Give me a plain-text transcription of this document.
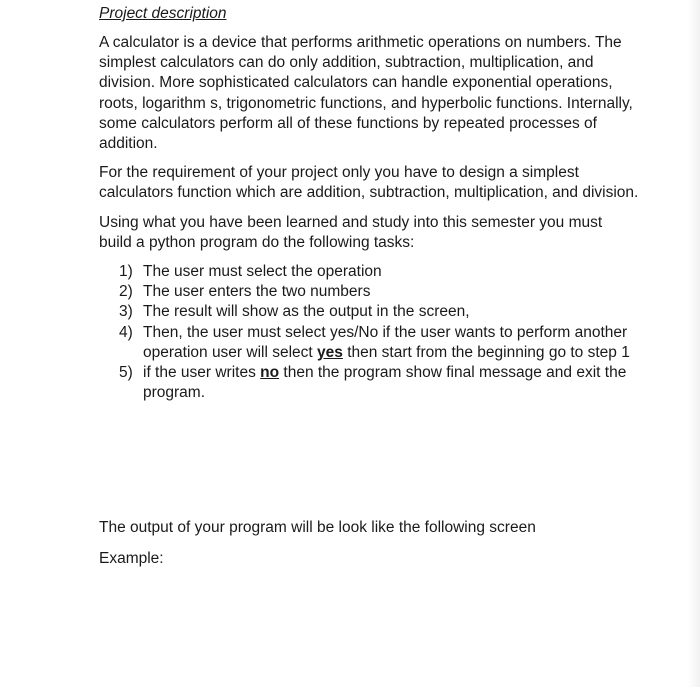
Project description

A calculator is a device that performs arithmetic operations on numbers. The simplest calculators can do only addition, subtraction, multiplication, and division. More sophisticated calculators can handle exponential operations, roots, logarithm s, trigonometric functions, and hyperbolic functions. Internally, some calculators perform all of these functions by repeated processes of addition.

For the requirement of your project only you have to design a simplest calculators function which are addition, subtraction, multiplication, and division.

Using what you have been learned and study into this semester you must build a python program do the following tasks:

1) The user must select the operation
2) The user enters the two numbers
3) The result will show as the output in the screen,
4) Then, the user must select yes/No if the user wants to perform another operation user will select yes then start from the beginning go to step 1
5) if the user writes no then the program show final message and exit the program.

The output of your program will be look like the following screen

Example:
